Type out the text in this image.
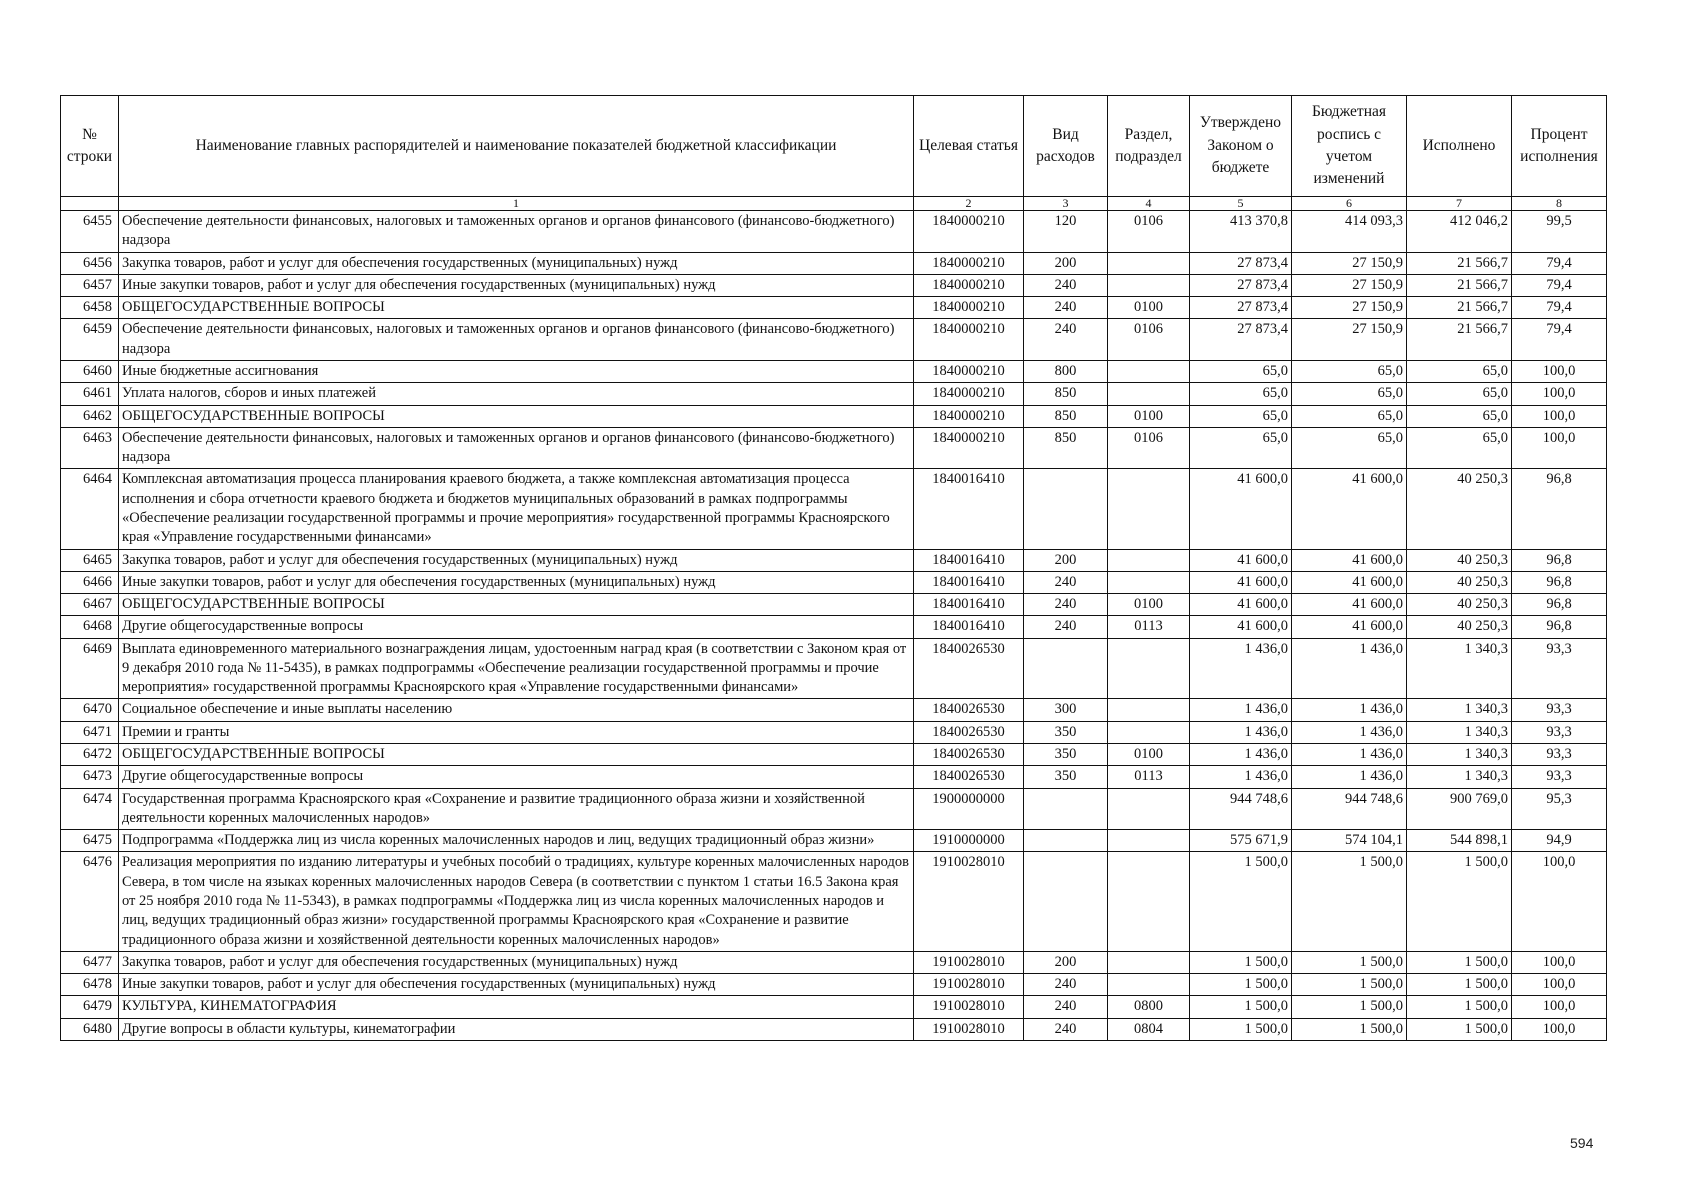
№ строки	Наименование главных распорядителей и наименование показателей бюджетной классификации	Целевая статья	Вид расходов	Раздел, подраздел	Утверждено Законом о бюджете	Бюджетная роспись с учетом изменений	Исполнено	Процент исполнения
	1	2	3	4	5	6	7	8
6455	Обеспечение деятельности финансовых, налоговых и таможенных органов и органов финансового (финансово-бюджетного) надзора	1840000210	120	0106	413 370,8	414 093,3	412 046,2	99,5
6456	Закупка товаров, работ и услуг для обеспечения государственных (муниципальных) нужд	1840000210	200		27 873,4	27 150,9	21 566,7	79,4
6457	Иные закупки товаров, работ и услуг для обеспечения государственных (муниципальных) нужд	1840000210	240		27 873,4	27 150,9	21 566,7	79,4
6458	ОБЩЕГОСУДАРСТВЕННЫЕ ВОПРОСЫ	1840000210	240	0100	27 873,4	27 150,9	21 566,7	79,4
6459	Обеспечение деятельности финансовых, налоговых и таможенных органов и органов финансового (финансово-бюджетного) надзора	1840000210	240	0106	27 873,4	27 150,9	21 566,7	79,4
6460	Иные бюджетные ассигнования	1840000210	800		65,0	65,0	65,0	100,0
6461	Уплата налогов, сборов и иных платежей	1840000210	850		65,0	65,0	65,0	100,0
6462	ОБЩЕГОСУДАРСТВЕННЫЕ ВОПРОСЫ	1840000210	850	0100	65,0	65,0	65,0	100,0
6463	Обеспечение деятельности финансовых, налоговых и таможенных органов и органов финансового (финансово-бюджетного) надзора	1840000210	850	0106	65,0	65,0	65,0	100,0
6464	Комплексная автоматизация процесса планирования краевого бюджета, а также комплексная автоматизация процесса исполнения и сбора отчетности краевого бюджета и бюджетов муниципальных образований в рамках подпрограммы «Обеспечение реализации государственной программы и прочие мероприятия» государственной программы Красноярского края «Управление государственными финансами»	1840016410			41 600,0	41 600,0	40 250,3	96,8
6465	Закупка товаров, работ и услуг для обеспечения государственных (муниципальных) нужд	1840016410	200		41 600,0	41 600,0	40 250,3	96,8
6466	Иные закупки товаров, работ и услуг для обеспечения государственных (муниципальных) нужд	1840016410	240		41 600,0	41 600,0	40 250,3	96,8
6467	ОБЩЕГОСУДАРСТВЕННЫЕ ВОПРОСЫ	1840016410	240	0100	41 600,0	41 600,0	40 250,3	96,8
6468	Другие общегосударственные вопросы	1840016410	240	0113	41 600,0	41 600,0	40 250,3	96,8
6469	Выплата единовременного материального вознаграждения лицам, удостоенным наград края (в соответствии с Законом края от 9 декабря 2010 года № 11-5435), в рамках подпрограммы «Обеспечение реализации государственной программы и прочие мероприятия» государственной программы Красноярского края «Управление государственными финансами»	1840026530			1 436,0	1 436,0	1 340,3	93,3
6470	Социальное обеспечение и иные выплаты населению	1840026530	300		1 436,0	1 436,0	1 340,3	93,3
6471	Премии и гранты	1840026530	350		1 436,0	1 436,0	1 340,3	93,3
6472	ОБЩЕГОСУДАРСТВЕННЫЕ ВОПРОСЫ	1840026530	350	0100	1 436,0	1 436,0	1 340,3	93,3
6473	Другие общегосударственные вопросы	1840026530	350	0113	1 436,0	1 436,0	1 340,3	93,3
6474	Государственная программа Красноярского края «Сохранение и развитие традиционного образа жизни и хозяйственной деятельности коренных малочисленных народов»	1900000000			944 748,6	944 748,6	900 769,0	95,3
6475	Подпрограмма «Поддержка лиц из числа коренных малочисленных народов и лиц, ведущих традиционный образ жизни»	1910000000			575 671,9	574 104,1	544 898,1	94,9
6476	Реализация мероприятия по изданию литературы и учебных пособий о традициях, культуре коренных малочисленных народов Севера, в том числе на языках коренных малочисленных народов Севера (в соответствии с пунктом 1 статьи 16.5 Закона края от 25 ноября 2010 года № 11-5343), в рамках подпрограммы «Поддержка лиц из числа коренных малочисленных народов и лиц, ведущих традиционный образ жизни» государственной программы Красноярского края «Сохранение и развитие традиционного образа жизни и хозяйственной деятельности коренных малочисленных народов»	1910028010			1 500,0	1 500,0	1 500,0	100,0
6477	Закупка товаров, работ и услуг для обеспечения государственных (муниципальных) нужд	1910028010	200		1 500,0	1 500,0	1 500,0	100,0
6478	Иные закупки товаров, работ и услуг для обеспечения государственных (муниципальных) нужд	1910028010	240		1 500,0	1 500,0	1 500,0	100,0
6479	КУЛЬТУРА, КИНЕМАТОГРАФИЯ	1910028010	240	0800	1 500,0	1 500,0	1 500,0	100,0
6480	Другие вопросы в области культуры, кинематографии	1910028010	240	0804	1 500,0	1 500,0	1 500,0	100,0
594
